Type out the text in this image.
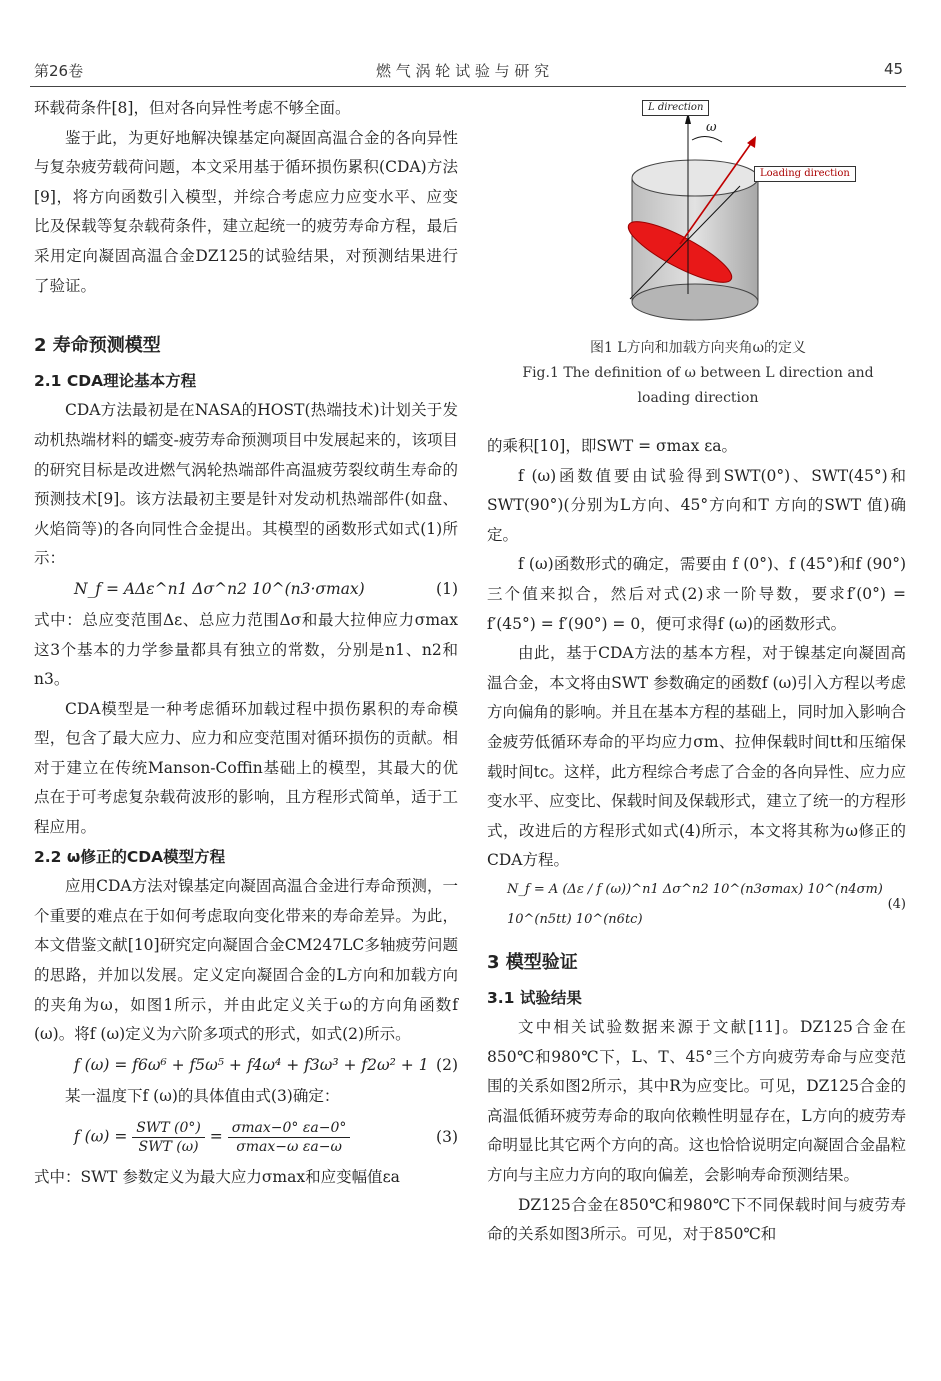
第26卷	燃 气 涡 轮 试 验 与 研 究	45

环载荷条件[8]，但对各向异性考虑不够全面。

鉴于此，为更好地解决镍基定向凝固高温合金的各向异性与复杂疲劳载荷问题，本文采用基于循环损伤累积(CDA)方法[9]，将方向函数引入模型，并综合考虑应力应变水平、应变比及保载等复杂载荷条件，建立起统一的疲劳寿命方程，最后采用定向凝固高温合金DZ125的试验结果，对预测结果进行了验证。

2 寿命预测模型

2.1 CDA理论基本方程

CDA方法最初是在NASA的HOST(热端技术)计划关于发动机热端材料的蠕变-疲劳寿命预测项目中发展起来的，该项目的研究目标是改进燃气涡轮热端部件高温疲劳裂纹萌生寿命的预测技术[9]。该方法最初主要是针对发动机热端部件(如盘、火焰筒等)的各向同性合金提出。其模型的函数形式如式(1)所示：

N_f = AΔε^n1 Δσ^n2 10^(n3·σmax)	(1)

式中：总应变范围Δε、总应力范围Δσ和最大拉伸应力σmax这3个基本的力学参量都具有独立的常数，分别是n1、n2和n3。

CDA模型是一种考虑循环加载过程中损伤累积的寿命模型，包含了最大应力、应力和应变范围对循环损伤的贡献。相对于建立在传统Manson-Coffin基础上的模型，其最大的优点在于可考虑复杂载荷波形的影响，且方程形式简单，适于工程应用。

2.2 ω修正的CDA模型方程

应用CDA方法对镍基定向凝固高温合金进行寿命预测，一个重要的难点在于如何考虑取向变化带来的寿命差异。为此，本文借鉴文献[10]研究定向凝固合金CM247LC多轴疲劳问题的思路，并加以发展。定义定向凝固合金的L方向和加载方向的夹角为ω，如图1所示，并由此定义关于ω的方向角函数f (ω)。将f (ω)定义为六阶多项式的形式，如式(2)所示。

f (ω) = f6ω⁶ + f5ω⁵ + f4ω⁴ + f3ω³ + f2ω² + 1 (2)

某一温度下f (ω)的具体值由式(3)确定：

f $(\omega) = \frac{\text{SWT (0°)}}{\text{SWT (ω)}} = \frac{\sigma\max-0^\circ \varepsilon a-0^\circ}{\text{σmax−ω εa−ω}}$	(3)

式中：SWT 参数定义为最大应力σmax和应变幅值εa

L direction
ω
Loading direction
图1 L方向和加载方向夹角ω的定义
Fig.1 The definition of ω between L direction and loading direction

的乘积[10]，即SWT = σmax εa。

f (ω)函数值要由试验得到SWT(0°)、SWT(45°)和SWT(90°)(分别为L方向、45°方向和T 方向的SWT 值)确定。

f (ω)函数形式的确定，需要由 f (0°)、f (45°)和f (90°)三个值来拟合，然后对式(2)求一阶导数，要求f′(0°) = f′(45°) = f′(90°) = 0，便可求得f (ω)的函数形式。

由此，基于CDA方法的基本方程，对于镍基定向凝固高温合金，本文将由SWT 参数确定的函数f (ω)引入方程以考虑方向偏角的影响。并且在基本方程的基础上，同时加入影响合金疲劳低循环寿命的平均应力σm、拉伸保载时间tt和压缩保载时间tc。这样，此方程综合考虑了合金的各向异性、应力应变水平、应变比、保载时间及保载形式，建立了统一的方程形式，改进后的方程形式如式(4)所示，本文将其称为ω修正的CDA方程。

N_f = A (Δε / f (ω))^n1 Δσ^n2 10^(n3σmax) 10^(n4σm) 10^(n5tt) 10^(n6tc)
(4)

3 模型验证

3.1 试验结果

文中相关试验数据来源于文献[11]。DZ125合金在850℃和980℃下，L、T、45°三个方向疲劳寿命与应变范围的关系如图2所示，其中R为应变比。可见，DZ125合金的高温低循环疲劳寿命的取向依赖性明显存在，L方向的疲劳寿命明显比其它两个方向的高。这也恰恰说明定向凝固合金晶粒方向与主应力方向的取向偏差，会影响寿命预测结果。

DZ125合金在850℃和980℃下不同保载时间与疲劳寿命的关系如图3所示。可见，对于850℃和
